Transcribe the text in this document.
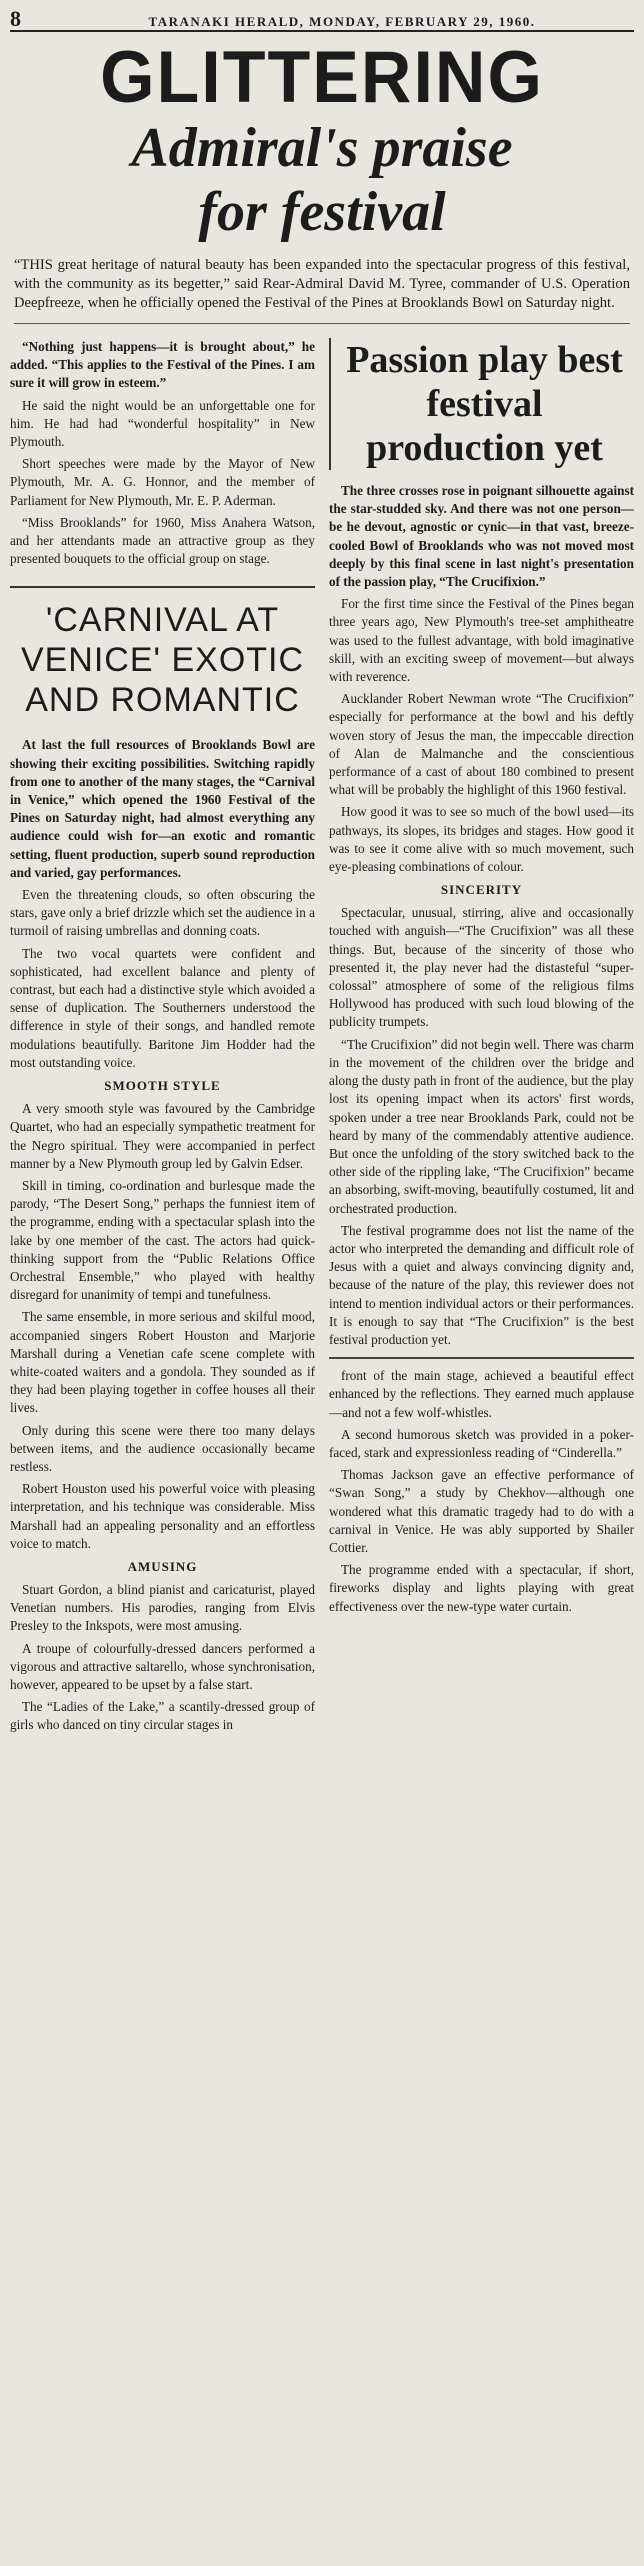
8	TARANAKI HERALD, MONDAY, FEBRUARY 29, 1960.
GLITTERING
Admiral's praise
for festival
“THIS great heritage of natural beauty has been expanded into the spectacular progress of this festival, with the community as its begetter,” said Rear-Admiral David M. Tyree, commander of U.S. Operation Deepfreeze, when he officially opened the Festival of the Pines at Brooklands Bowl on Saturday night.

“Nothing just happens—it is brought about,” he added. “This applies to the Festival of the Pines. I am sure it will grow in esteem.”

He said the night would be an unforgettable one for him. He had had “wonderful hospitality” in New Plymouth.

Short speeches were made by the Mayor of New Plymouth, Mr. A. G. Honnor, and the member of Parliament for New Plymouth, Mr. E. P. Aderman.

“Miss Brooklands” for 1960, Miss Anahera Watson, and her attendants made an attractive group as they presented bouquets to the official group on stage.

'CARNIVAL AT VENICE' EXOTIC AND ROMANTIC

At last the full resources of Brooklands Bowl are showing their exciting possibilities. Switching rapidly from one to another of the many stages, the “Carnival in Venice,” which opened the 1960 Festival of the Pines on Saturday night, had almost everything any audience could wish for—an exotic and romantic setting, fluent production, superb sound reproduction and varied, gay performances.

Even the threatening clouds, so often obscuring the stars, gave only a brief drizzle which set the audience in a turmoil of raising umbrellas and donning coats.

The two vocal quartets were confident and sophisticated, had excellent balance and plenty of contrast, but each had a distinctive style which avoided a sense of duplication. The Southerners understood the difference in style of their songs, and handled remote modulations beautifully. Baritone Jim Hodder had the most outstanding voice.

SMOOTH STYLE

A very smooth style was favoured by the Cambridge Quartet, who had an especially sympathetic treatment for the Negro spiritual. They were accompanied in perfect manner by a New Plymouth group led by Galvin Edser.

Skill in timing, co-ordination and burlesque made the parody, “The Desert Song,” perhaps the funniest item of the programme, ending with a spectacular splash into the lake by one member of the cast. The actors had quick-thinking support from the “Public Relations Office Orchestral Ensemble,” who played with healthy disregard for unanimity of tempi and tunefulness.

The same ensemble, in more serious and skilful mood, accompanied singers Robert Houston and Marjorie Marshall during a Venetian cafe scene complete with white-coated waiters and a gondola. They sounded as if they had been playing together in coffee houses all their lives.

Only during this scene were there too many delays between items, and the audience occasionally became restless.

Robert Houston used his powerful voice with pleasing interpretation, and his technique was considerable. Miss Marshall had an appealing personality and an effortless voice to match.

AMUSING

Stuart Gordon, a blind pianist and caricaturist, played Venetian numbers. His parodies, ranging from Elvis Presley to the Inkspots, were most amusing.

A troupe of colourfully-dressed dancers performed a vigorous and attractive saltarello, whose synchronisation, however, appeared to be upset by a false start.

The “Ladies of the Lake,” a scantily-dressed group of girls who danced on tiny circular stages in

Passion play best festival production yet

The three crosses rose in poignant silhouette against the star-studded sky. And there was not one person—be he devout, agnostic or cynic—in that vast, breeze-cooled Bowl of Brooklands who was not moved most deeply by this final scene in last night's presentation of the passion play, “The Crucifixion.”

For the first time since the Festival of the Pines began three years ago, New Plymouth's tree-set amphitheatre was used to the fullest advantage, with bold imaginative skill, with an exciting sweep of movement—but always with reverence.

Aucklander Robert Newman wrote “The Crucifixion” especially for performance at the bowl and his deftly woven story of Jesus the man, the impeccable direction of Alan de Malmanche and the conscientious performance of a cast of about 180 combined to present what will be probably the highlight of this 1960 festival.

How good it was to see so much of the bowl used—its pathways, its slopes, its bridges and stages. How good it was to see it come alive with so much movement, such eye-pleasing combinations of colour.

SINCERITY

Spectacular, unusual, stirring, alive and occasionally touched with anguish—“The Crucifixion” was all these things. But, because of the sincerity of those who presented it, the play never had the distasteful “super-colossal” atmosphere of some of the religious films Hollywood has produced with such loud blowing of the publicity trumpets.

“The Crucifixion” did not begin well. There was charm in the movement of the children over the bridge and along the dusty path in front of the audience, but the play lost its opening impact when its actors' first words, spoken under a tree near Brooklands Park, could not be heard by many of the commendably attentive audience. But once the unfolding of the story switched back to the other side of the rippling lake, “The Crucifixion” became an absorbing, swift-moving, beautifully costumed, lit and orchestrated production.

The festival programme does not list the name of the actor who interpreted the demanding and difficult role of Jesus with a quiet and always convincing dignity and, because of the nature of the play, this reviewer does not intend to mention individual actors or their performances. It is enough to say that “The Crucifixion” is the best festival production yet.

front of the main stage, achieved a beautiful effect enhanced by the reflections. They earned much applause—and not a few wolf-whistles.

A second humorous sketch was provided in a poker-faced, stark and expressionless reading of “Cinderella.”

Thomas Jackson gave an effective performance of “Swan Song,” a study by Chekhov—although one wondered what this dramatic tragedy had to do with a carnival in Venice. He was ably supported by Shailer Cottier.

The programme ended with a spectacular, if short, fireworks display and lights playing with great effectiveness over the new-type water curtain.
